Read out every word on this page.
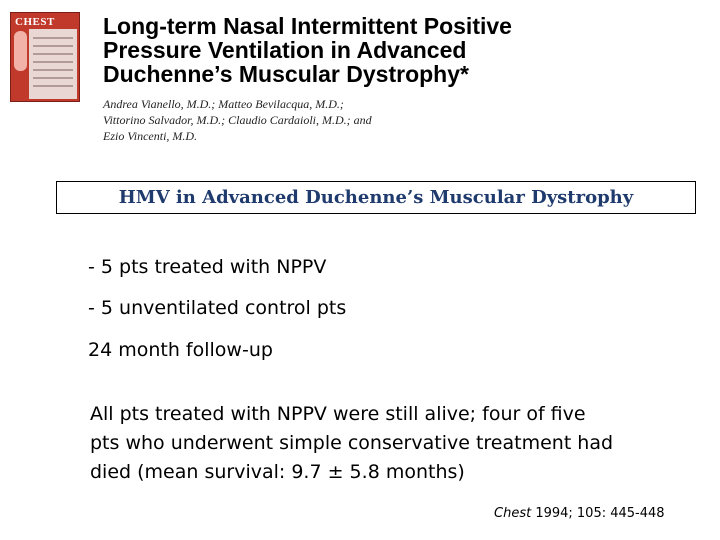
CHEST Long-term Nasal Intermittent Positive
Pressure Ventilation in Advanced
Duchenne’s Muscular Dystrophy*
Andrea Vianello, M.D.; Matteo Bevilacqua, M.D.;
Vittorino Salvador, M.D.; Claudio Cardaioli, M.D.; and
Ezio Vincenti, M.D.
HMV in Advanced Duchenne’s Muscular Dystrophy
- 5 pts treated with NPPV
- 5 unventilated control pts
24 month follow-up
All pts treated with NPPV were still alive; four of five
pts who underwent simple conservative treatment had
died (mean survival: 9.7 ± 5.8 months)
Chest 1994; 105: 445-448
